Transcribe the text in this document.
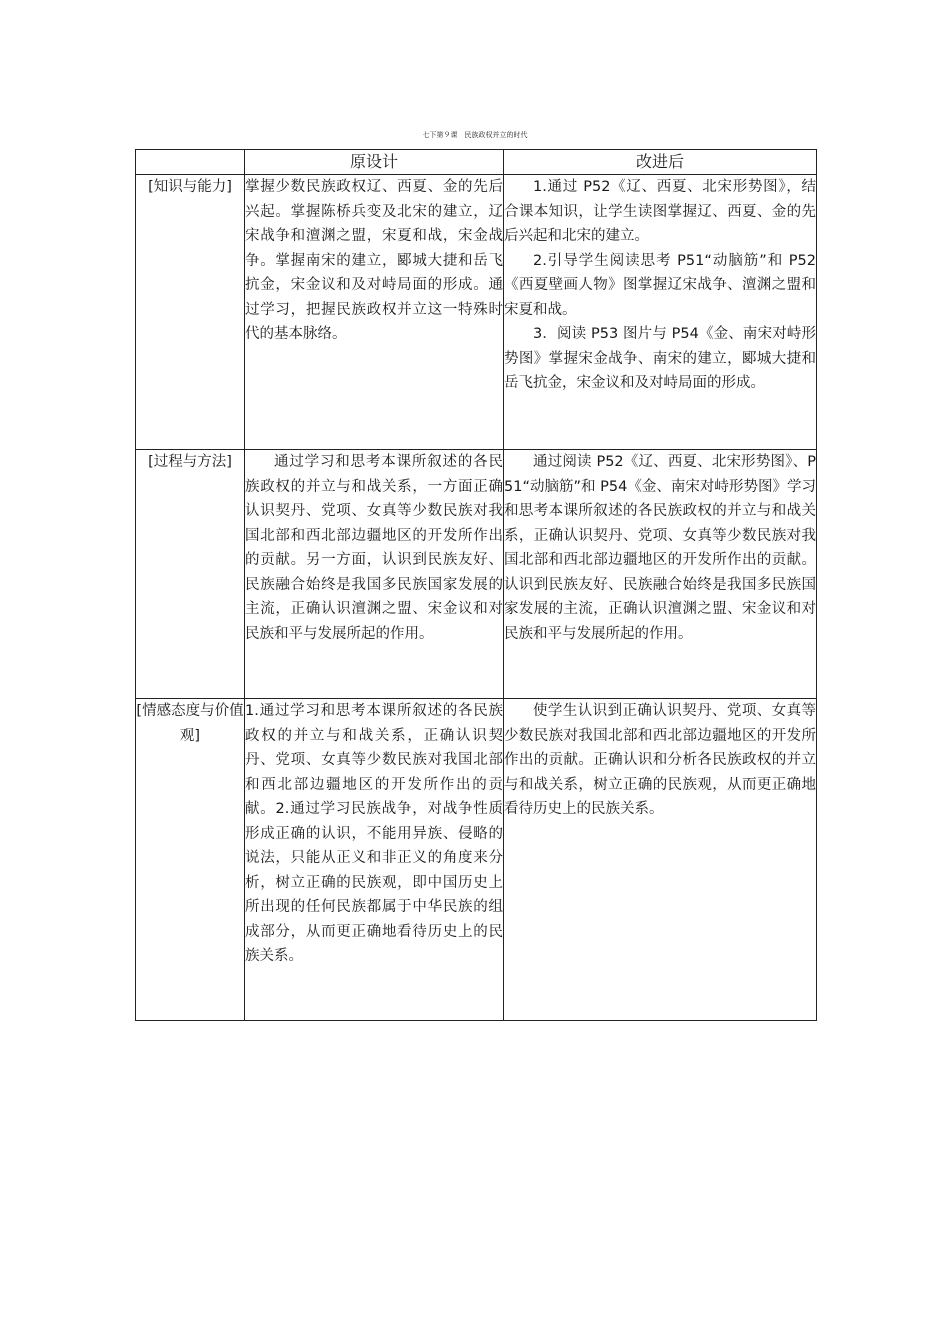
七下第９课　民族政权并立的时代
	原设计	改进后
[知识与能力]	掌握少数民族政权辽、西夏、金的先后兴起。掌握陈桥兵变及北宋的建立，辽宋战争和澶渊之盟，宋夏和战，宋金战争。掌握南宋的建立，郾城大捷和岳飞抗金，宋金议和及对峙局面的形成。通过学习，把握民族政权并立这一特殊时代的基本脉络。	1.通过 P52《辽、西夏、北宋形势图》，结合课本知识，让学生读图掌握辽、西夏、金的先后兴起和北宋的建立。
2.引导学生阅读思考 P51“动脑筋”和 P52《西夏壁画人物》图掌握辽宋战争、澶渊之盟和宋夏和战。
3．阅读 P53 图片与 P54《金、南宋对峙形势图》掌握宋金战争、南宋的建立，郾城大捷和岳飞抗金，宋金议和及对峙局面的形成。

[过程与方法]	通过学习和思考本课所叙述的各民族政权的并立与和战关系，一方面正确认识契丹、党项、女真等少数民族对我国北部和西北部边疆地区的开发所作出的贡献。另一方面，认识到民族友好、民族融合始终是我国多民族国家发展的主流，正确认识澶渊之盟、宋金议和对民族和平与发展所起的作用。	通过阅读 P52《辽、西夏、北宋形势图》、P51“动脑筋”和 P54《金、南宋对峙形势图》学习和思考本课所叙述的各民族政权的并立与和战关系，正确认识契丹、党项、女真等少数民族对我国北部和西北部边疆地区的开发所作出的贡献。认识到民族友好、民族融合始终是我国多民族国家发展的主流，正确认识澶渊之盟、宋金议和对民族和平与发展所起的作用。

[情感态度与价值观]	1.通过学习和思考本课所叙述的各民族政权的并立与和战关系，正确认识契丹、党项、女真等少数民族对我国北部和西北部边疆地区的开发所作出的贡献。2.通过学习民族战争，对战争性质形成正确的认识，不能用异族、侵略的说法，只能从正义和非正义的角度来分析，树立正确的民族观，即中国历史上所出现的任何民族都属于中华民族的组成部分，从而更正确地看待历史上的民族关系。	使学生认识到正确认识契丹、党项、女真等少数民族对我国北部和西北部边疆地区的开发所作出的贡献。正确认识和分析各民族政权的并立与和战关系，树立正确的民族观，从而更正确地看待历史上的民族关系。
